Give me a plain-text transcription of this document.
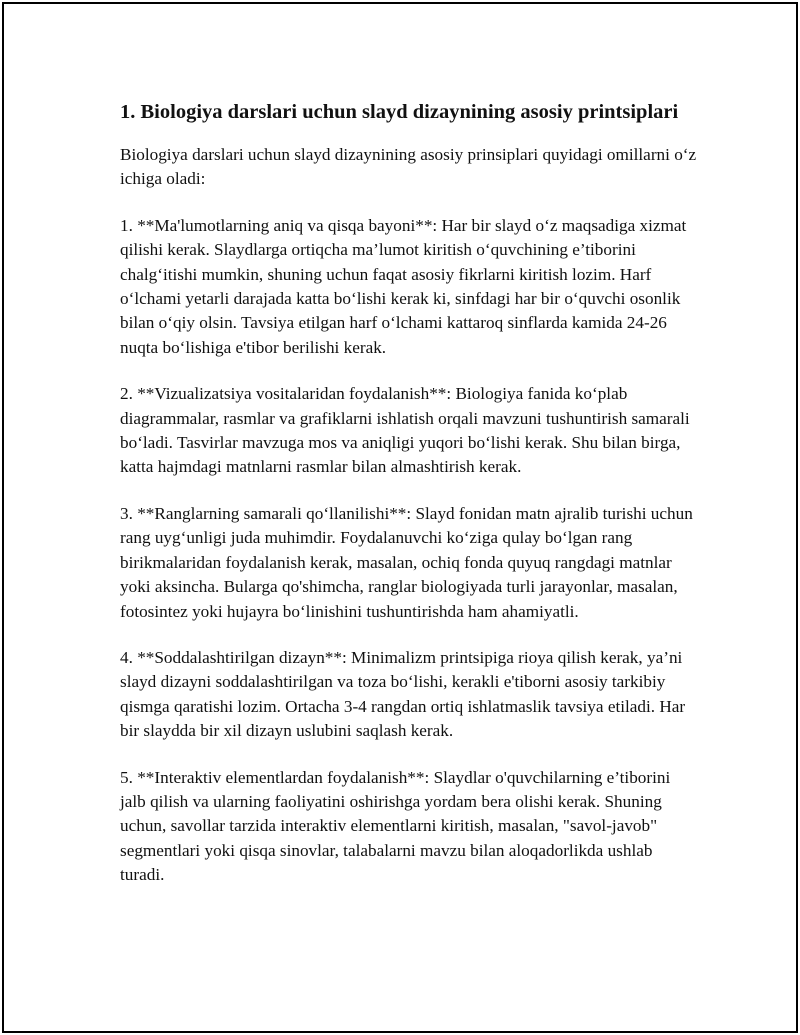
1. Biologiya darslari uchun slayd dizaynining asosiy printsiplari

Biologiya darslari uchun slayd dizaynining asosiy prinsiplari quyidagi omillarni o‘z ichiga oladi:

1. **Ma'lumotlarning aniq va qisqa bayoni**: Har bir slayd o‘z maqsadiga xizmat qilishi kerak. Slaydlarga ortiqcha ma’lumot kiritish o‘quvchining e’tiborini chalg‘itishi mumkin, shuning uchun faqat asosiy fikrlarni kiritish lozim. Harf o‘lchami yetarli darajada katta bo‘lishi kerak ki, sinfdagi har bir o‘quvchi osonlik bilan o‘qiy olsin. Tavsiya etilgan harf o‘lchami kattaroq sinflarda kamida 24-26 nuqta bo‘lishiga e'tibor berilishi kerak.

2. **Vizualizatsiya vositalaridan foydalanish**: Biologiya fanida ko‘plab diagrammalar, rasmlar va grafiklarni ishlatish orqali mavzuni tushuntirish samarali bo‘ladi. Tasvirlar mavzuga mos va aniqligi yuqori bo‘lishi kerak. Shu bilan birga, katta hajmdagi matnlarni rasmlar bilan almashtirish kerak.

3. **Ranglarning samarali qo‘llanilishi**: Slayd fonidan matn ajralib turishi uchun rang uyg‘unligi juda muhimdir. Foydalanuvchi ko‘ziga qulay bo‘lgan rang birikmalaridan foydalanish kerak, masalan, ochiq fonda quyuq rangdagi matnlar yoki aksincha. Bularga qo'shimcha, ranglar biologiyada turli jarayonlar, masalan, fotosintez yoki hujayra bo‘linishini tushuntirishda ham ahamiyatli.

4. **Soddalashtirilgan dizayn**: Minimalizm printsipiga rioya qilish kerak, ya’ni slayd dizayni soddalashtirilgan va toza bo‘lishi, kerakli e'tiborni asosiy tarkibiy qismga qaratishi lozim. Ortacha 3-4 rangdan ortiq ishlatmaslik tavsiya etiladi. Har bir slaydda bir xil dizayn uslubini saqlash kerak.

5. **Interaktiv elementlardan foydalanish**: Slaydlar o'quvchilarning e’tiborini jalb qilish va ularning faoliyatini oshirishga yordam bera olishi kerak. Shuning uchun, savollar tarzida interaktiv elementlarni kiritish, masalan, "savol-javob" segmentlari yoki qisqa sinovlar, talabalarni mavzu bilan aloqadorlikda ushlab turadi.
